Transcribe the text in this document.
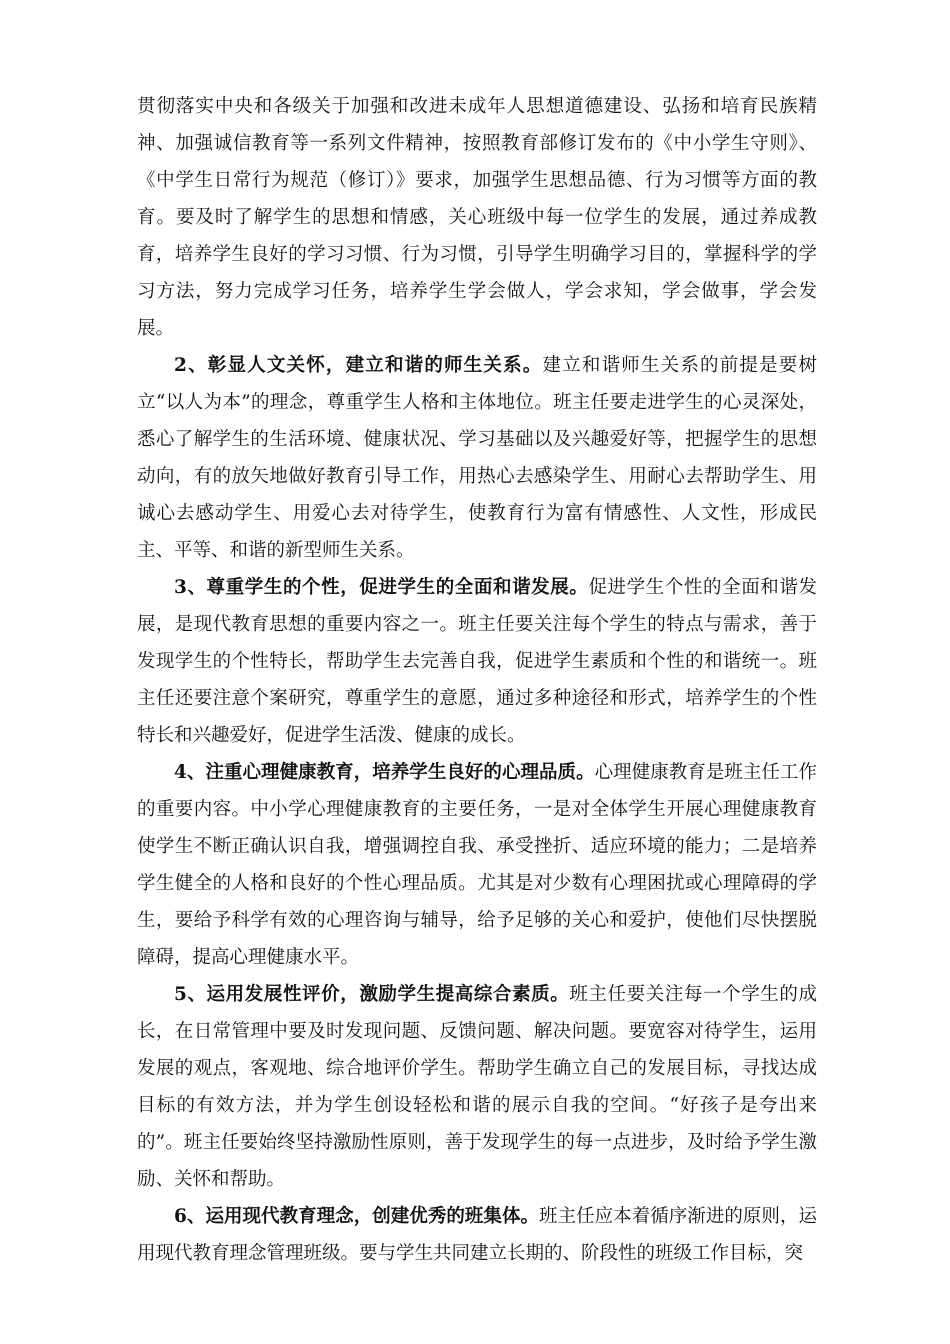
贯彻落实中央和各级关于加强和改进未成年人思想道德建设、弘扬和培育民族精神、加强诚信教育等一系列文件精神，按照教育部修订发布的《中小学生守则》、《中学生日常行为规范（修订）》要求，加强学生思想品德、行为习惯等方面的教育。要及时了解学生的思想和情感，关心班级中每一位学生的发展，通过养成教育，培养学生良好的学习习惯、行为习惯，引导学生明确学习目的，掌握科学的学习方法，努力完成学习任务，培养学生学会做人，学会求知，学会做事，学会发展。

2、彰显人文关怀，建立和谐的师生关系。建立和谐师生关系的前提是要树立“以人为本”的理念，尊重学生人格和主体地位。班主任要走进学生的心灵深处，悉心了解学生的生活环境、健康状况、学习基础以及兴趣爱好等，把握学生的思想动向，有的放矢地做好教育引导工作，用热心去感染学生、用耐心去帮助学生、用诚心去感动学生、用爱心去对待学生，使教育行为富有情感性、人文性，形成民主、平等、和谐的新型师生关系。

3、尊重学生的个性，促进学生的全面和谐发展。促进学生个性的全面和谐发展，是现代教育思想的重要内容之一。班主任要关注每个学生的特点与需求，善于发现学生的个性特长，帮助学生去完善自我，促进学生素质和个性的和谐统一。班主任还要注意个案研究，尊重学生的意愿，通过多种途径和形式，培养学生的个性特长和兴趣爱好，促进学生活泼、健康的成长。

4、注重心理健康教育，培养学生良好的心理品质。心理健康教育是班主任工作的重要内容。中小学心理健康教育的主要任务，一是对全体学生开展心理健康教育使学生不断正确认识自我，增强调控自我、承受挫折、适应环境的能力；二是培养学生健全的人格和良好的个性心理品质。尤其是对少数有心理困扰或心理障碍的学生，要给予科学有效的心理咨询与辅导，给予足够的关心和爱护，使他们尽快摆脱障碍，提高心理健康水平。

5、运用发展性评价，激励学生提高综合素质。班主任要关注每一个学生的成长，在日常管理中要及时发现问题、反馈问题、解决问题。要宽容对待学生，运用发展的观点，客观地、综合地评价学生。帮助学生确立自己的发展目标，寻找达成目标的有效方法，并为学生创设轻松和谐的展示自我的空间。“好孩子是夸出来的”。班主任要始终坚持激励性原则，善于发现学生的每一点进步，及时给予学生激励、关怀和帮助。

6、运用现代教育理念，创建优秀的班集体。班主任应本着循序渐进的原则，运用现代教育理念管理班级。要与学生共同建立长期的、阶段性的班级工作目标，突
